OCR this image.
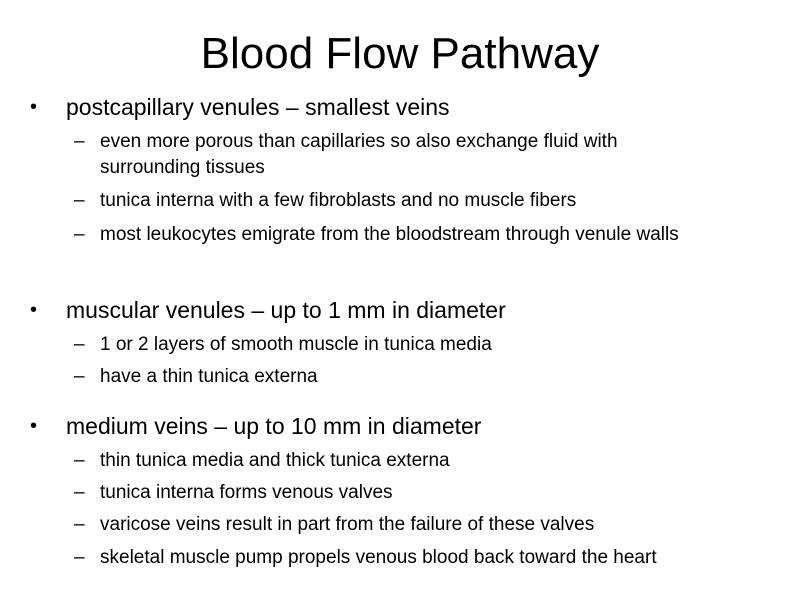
Blood Flow Pathway
• postcapillary venules – smallest veins
– even more porous than capillaries so also exchange fluid with surrounding tissues
– tunica interna with a few fibroblasts and no muscle fibers
– most leukocytes emigrate from the bloodstream through venule walls
• muscular venules – up to 1 mm in diameter
– 1 or 2 layers of smooth muscle in tunica media
– have a thin tunica externa
• medium veins – up to 10 mm in diameter
– thin tunica media and thick tunica externa
– tunica interna forms venous valves
– varicose veins result in part from the failure of these valves
– skeletal muscle pump propels venous blood back toward the heart
